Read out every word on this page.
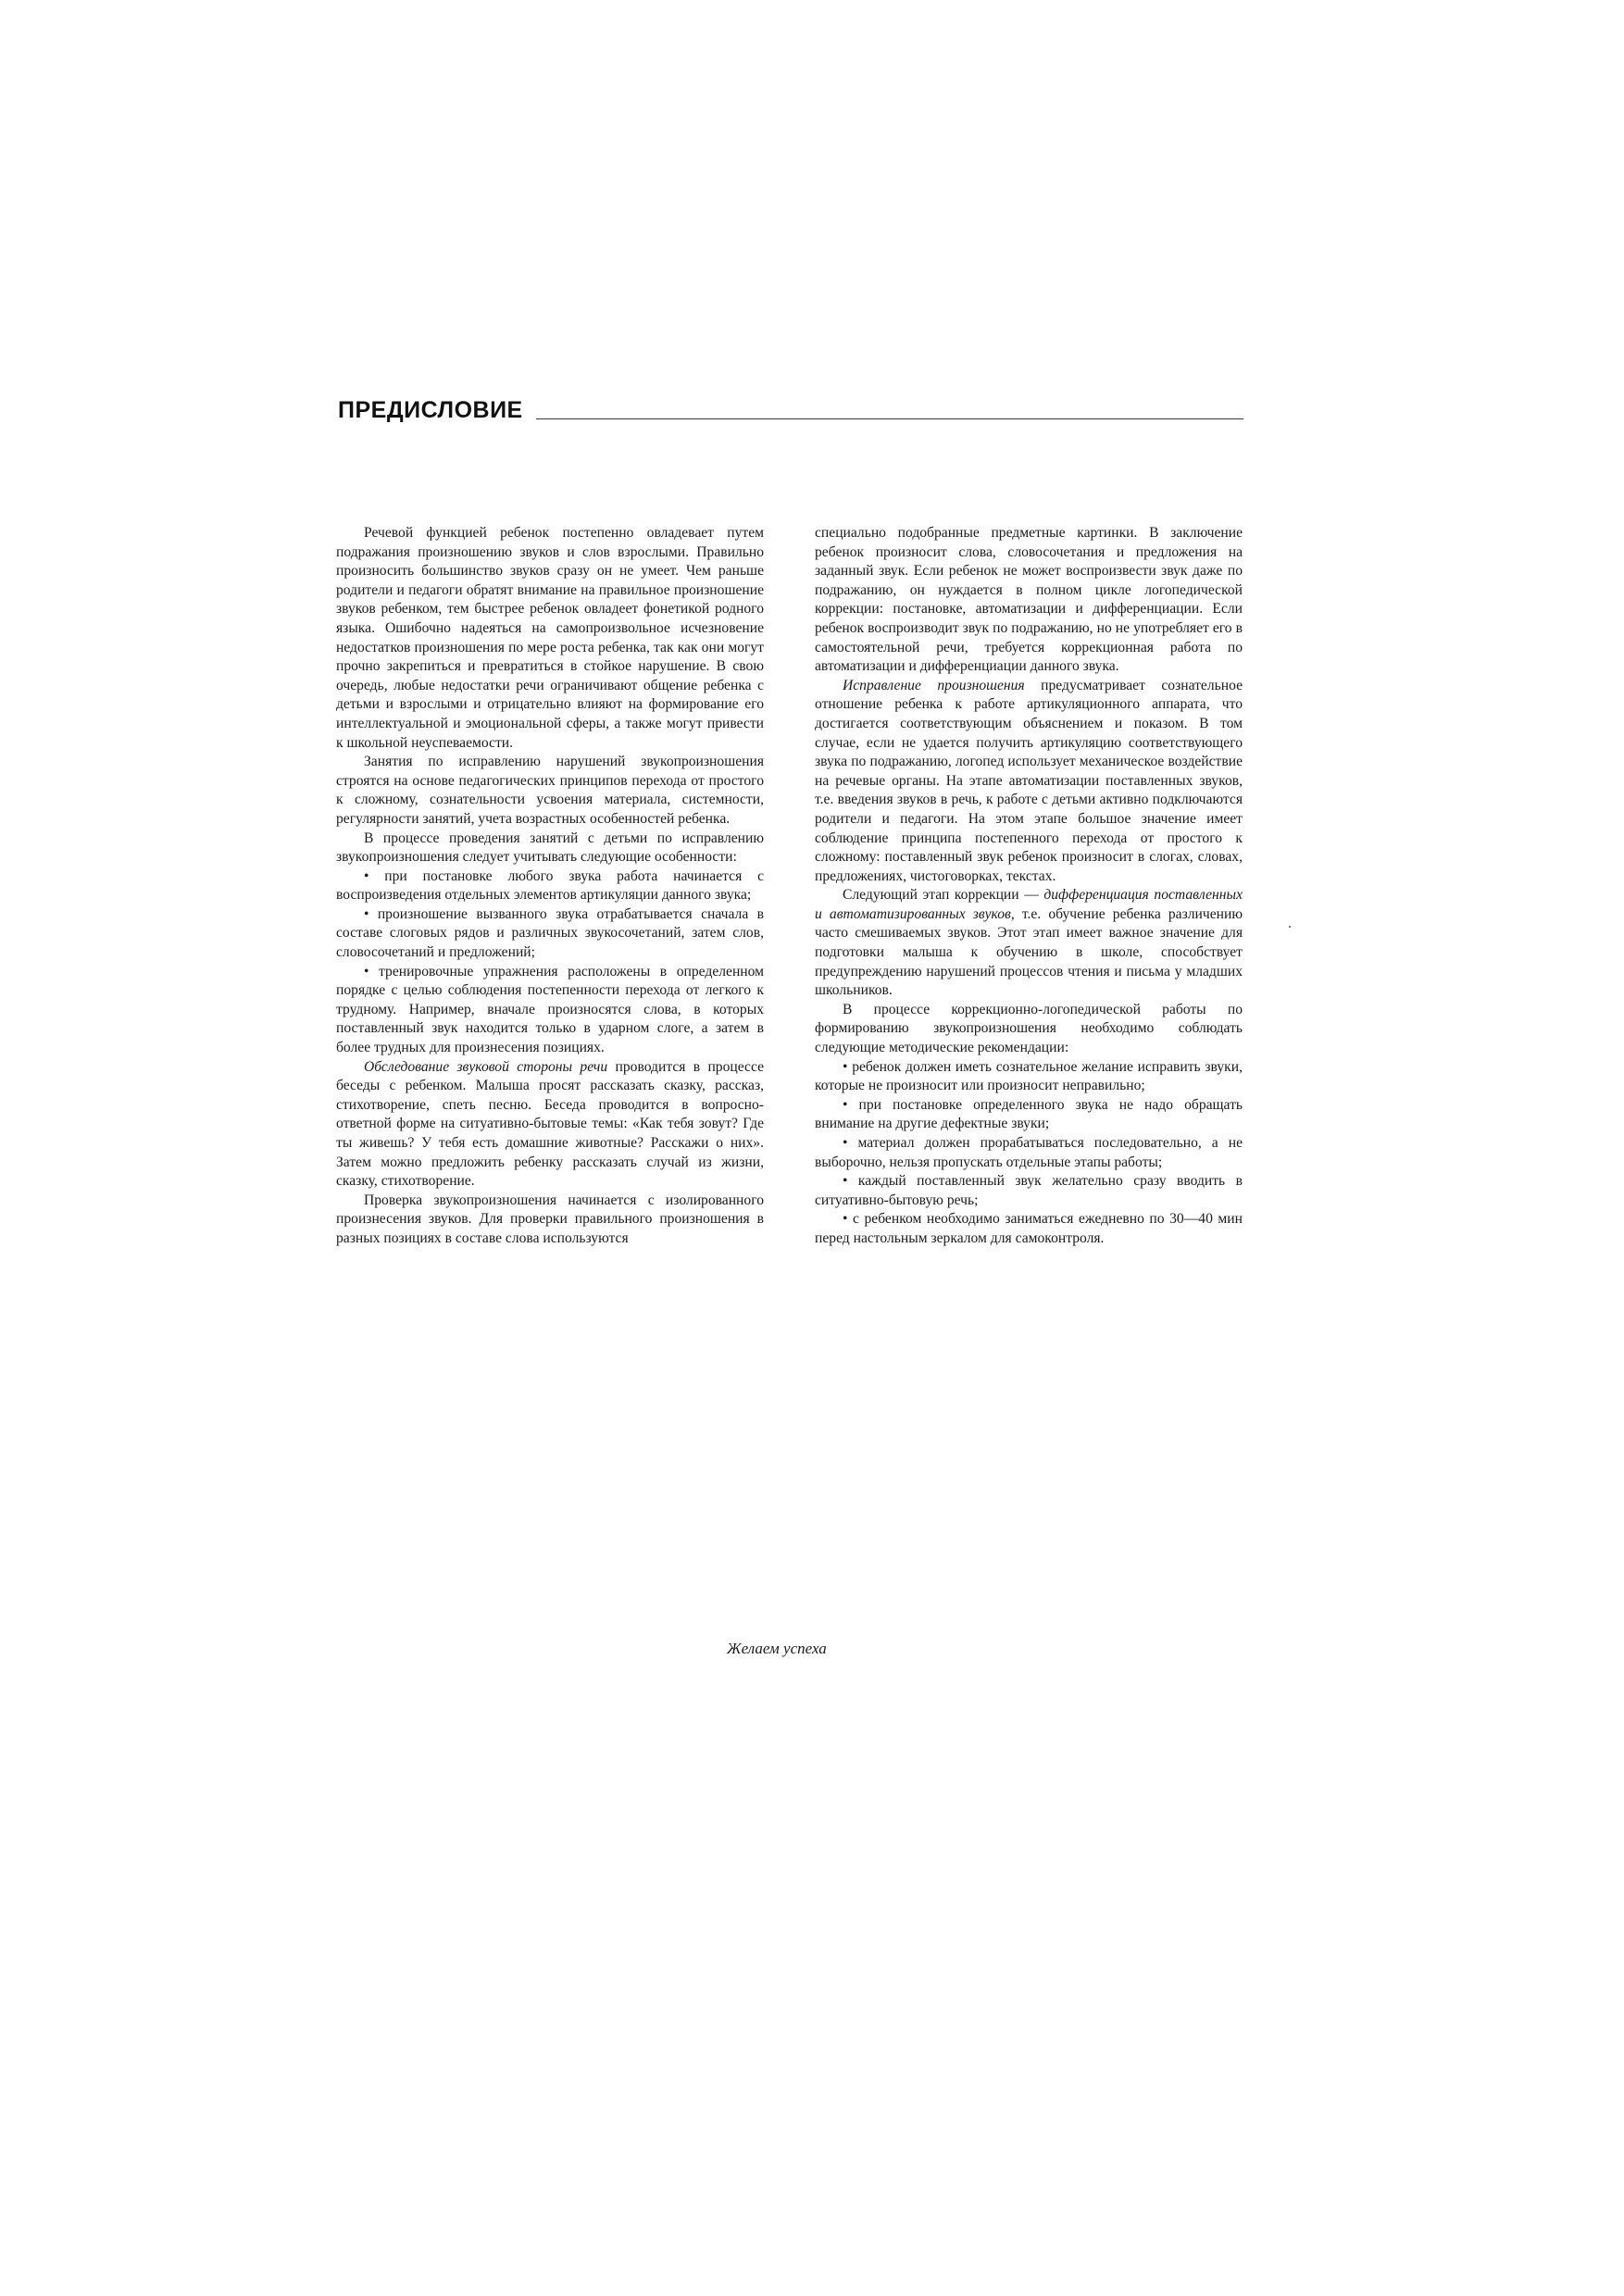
ПРЕДИСЛОВИЕ

Речевой функцией ребенок постепенно овладевает путем подражания произношению звуков и слов взрослыми. Правильно произносить большинство звуков сразу он не умеет. Чем раньше родители и педагоги обратят внимание на правильное произношение звуков ребенком, тем быстрее ребенок овладеет фонетикой родного языка. Ошибочно надеяться на самопроизвольное исчезновение недостатков произношения по мере роста ребенка, так как они могут прочно закрепиться и превратиться в стойкое нарушение. В свою очередь, любые недостатки речи ограничивают общение ребенка с детьми и взрослыми и отрицательно влияют на формирование его интеллектуальной и эмоциональной сферы, а также могут привести к школьной неуспеваемости.

Занятия по исправлению нарушений звукопроизношения строятся на основе педагогических принципов перехода от простого к сложному, сознательности усвоения материала, системности, регулярности занятий, учета возрастных особенностей ребенка.

В процессе проведения занятий с детьми по исправлению звукопроизношения следует учитывать следующие особенности:

• при постановке любого звука работа начинается с воспроизведения отдельных элементов артикуляции данного звука;

• произношение вызванного звука отрабатывается сначала в составе слоговых рядов и различных звукосочетаний, затем слов, словосочетаний и предложений;

• тренировочные упражнения расположены в определенном порядке с целью соблюдения постепенности перехода от легкого к трудному. Например, вначале произносятся слова, в которых поставленный звук находится только в ударном слоге, а затем в более трудных для произнесения позициях.

Обследование звуковой стороны речи проводится в процессе беседы с ребенком. Малыша просят рассказать сказку, рассказ, стихотворение, спеть песню. Беседа проводится в вопросно-ответной форме на ситуативно-бытовые темы: «Как тебя зовут? Где ты живешь? У тебя есть домашние животные? Расскажи о них». Затем можно предложить ребенку рассказать случай из жизни, сказку, стихотворение.

Проверка звукопроизношения начинается с изолированного произнесения звуков. Для проверки правильного произношения в разных позициях в составе слова используются

специально подобранные предметные картинки. В заключение ребенок произносит слова, словосочетания и предложения на заданный звук. Если ребенок не может воспроизвести звук даже по подражанию, он нуждается в полном цикле логопедической коррекции: постановке, автоматизации и дифференциации. Если ребенок воспроизводит звук по подражанию, но не употребляет его в самостоятельной речи, требуется коррекционная работа по автоматизации и дифференциации данного звука.

Исправление произношения предусматривает сознательное отношение ребенка к работе артикуляционного аппарата, что достигается соответствующим объяснением и показом. В том случае, если не удается получить артикуляцию соответствующего звука по подражанию, логопед использует механическое воздействие на речевые органы. На этапе автоматизации поставленных звуков, т.е. введения звуков в речь, к работе с детьми активно подключаются родители и педагоги. На этом этапе большое значение имеет соблюдение принципа постепенного перехода от простого к сложному: поставленный звук ребенок произносит в слогах, словах, предложениях, чистоговорках, текстах.

Следующий этап коррекции — дифференциация поставленных и автоматизированных звуков, т.е. обучение ребенка различению часто смешиваемых звуков. Этот этап имеет важное значение для подготовки малыша к обучению в школе, способствует предупреждению нарушений процессов чтения и письма у младших школьников.

В процессе коррекционно-логопедической работы по формированию звукопроизношения необходимо соблюдать следующие методические рекомендации:

• ребенок должен иметь сознательное желание исправить звуки, которые не произносит или произносит неправильно;

• при постановке определенного звука не надо обращать внимание на другие дефектные звуки;

• материал должен прорабатываться последовательно, а не выборочно, нельзя пропускать отдельные этапы работы;

• каждый поставленный звук желательно сразу вводить в ситуативно-бытовую речь;

• с ребенком необходимо заниматься ежедневно по 30—40 мин перед настольным зеркалом для самоконтроля.

Желаем успеха
